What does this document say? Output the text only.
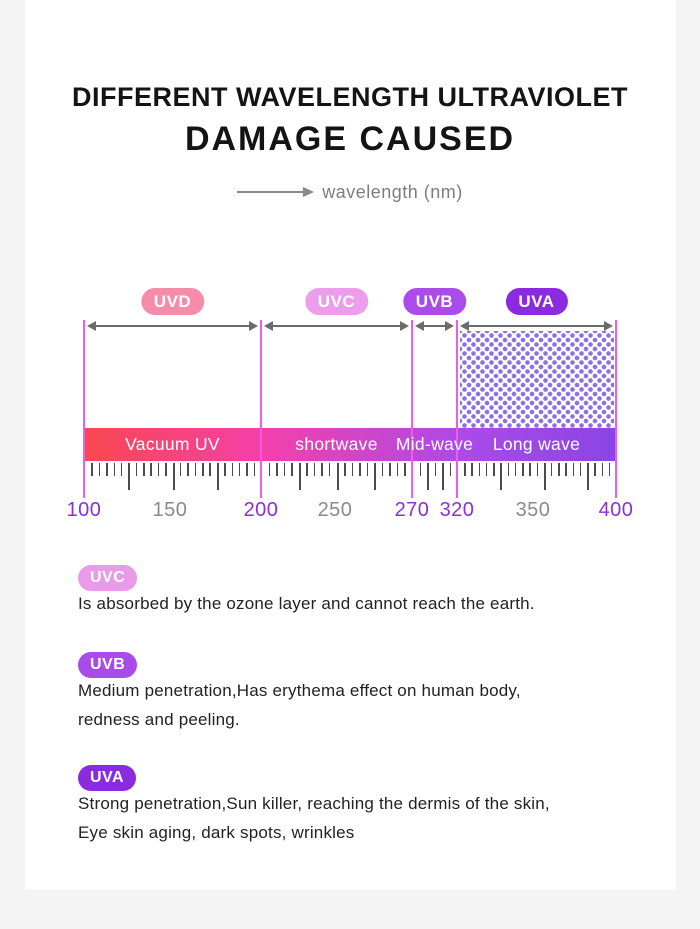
DIFFERENT WAVELENGTH ULTRAVIOLET
DAMAGE CAUSED
wavelength (nm)
UVD
Vacuum UV
UVC
shortwave
UVB
Mid-wave
UVA
Long wave
100	150	200 250 270 320 350 400
UVC
Is absorbed by the ozone layer and cannot reach the earth.
UVB
Medium penetration,Has erythema effect on human body,
redness and peeling.
UVA
Strong penetration,Sun killer, reaching the dermis of the skin,
Eye skin aging, dark spots, wrinkles
